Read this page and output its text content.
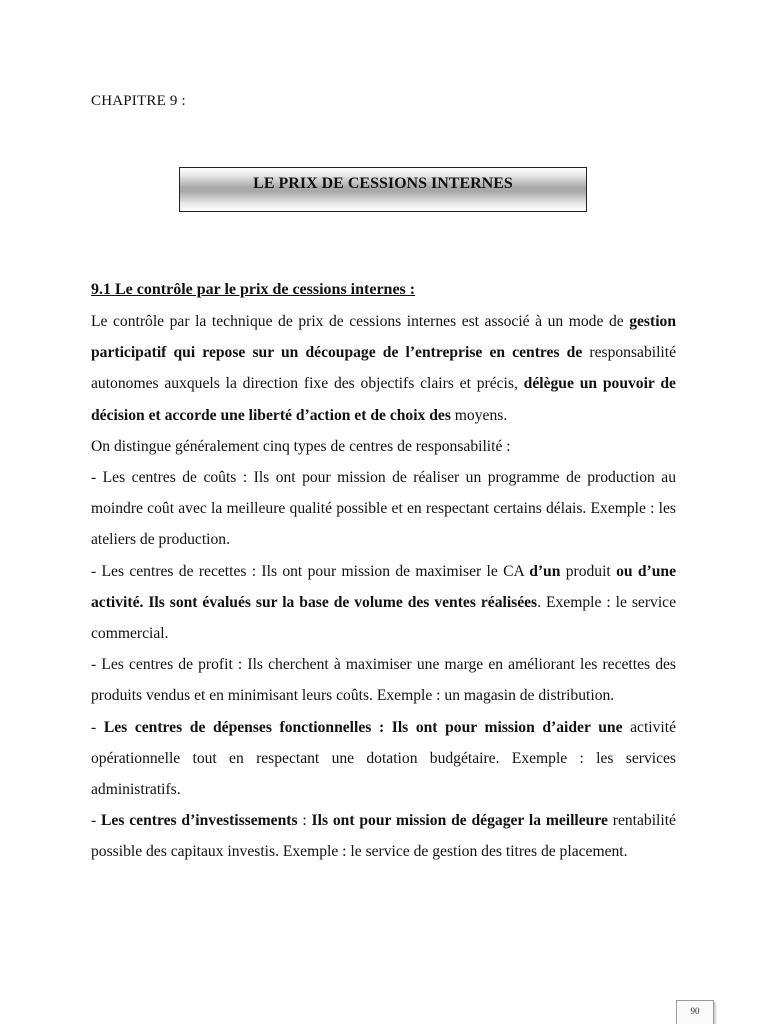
CHAPITRE 9 :
LE PRIX DE CESSIONS INTERNES
9.1 Le contrôle par le prix de cessions internes :

Le contrôle par la technique de prix de cessions internes est associé à un mode de gestion participatif qui repose sur un découpage de l’entreprise en centres de responsabilité autonomes auxquels la direction fixe des objectifs clairs et précis, délègue un pouvoir de décision et accorde une liberté d’action et de choix des moyens.

On distingue généralement cinq types de centres de responsabilité :

- Les centres de coûts : Ils ont pour mission de réaliser un programme de production au moindre coût avec la meilleure qualité possible et en respectant certains délais. Exemple : les ateliers de production.

- Les centres de recettes : Ils ont pour mission de maximiser le CA d’un produit ou d’une activité. Ils sont évalués sur la base de volume des ventes réalisées. Exemple : le service commercial.

- Les centres de profit : Ils cherchent à maximiser une marge en améliorant les recettes des produits vendus et en minimisant leurs coûts. Exemple : un magasin de distribution.

- Les centres de dépenses fonctionnelles : Ils ont pour mission d’aider une activité opérationnelle tout en respectant une dotation budgétaire. Exemple : les services administratifs.

- Les centres d’investissements : Ils ont pour mission de dégager la meilleure rentabilité possible des capitaux investis. Exemple : le service de gestion des titres de placement.

90
